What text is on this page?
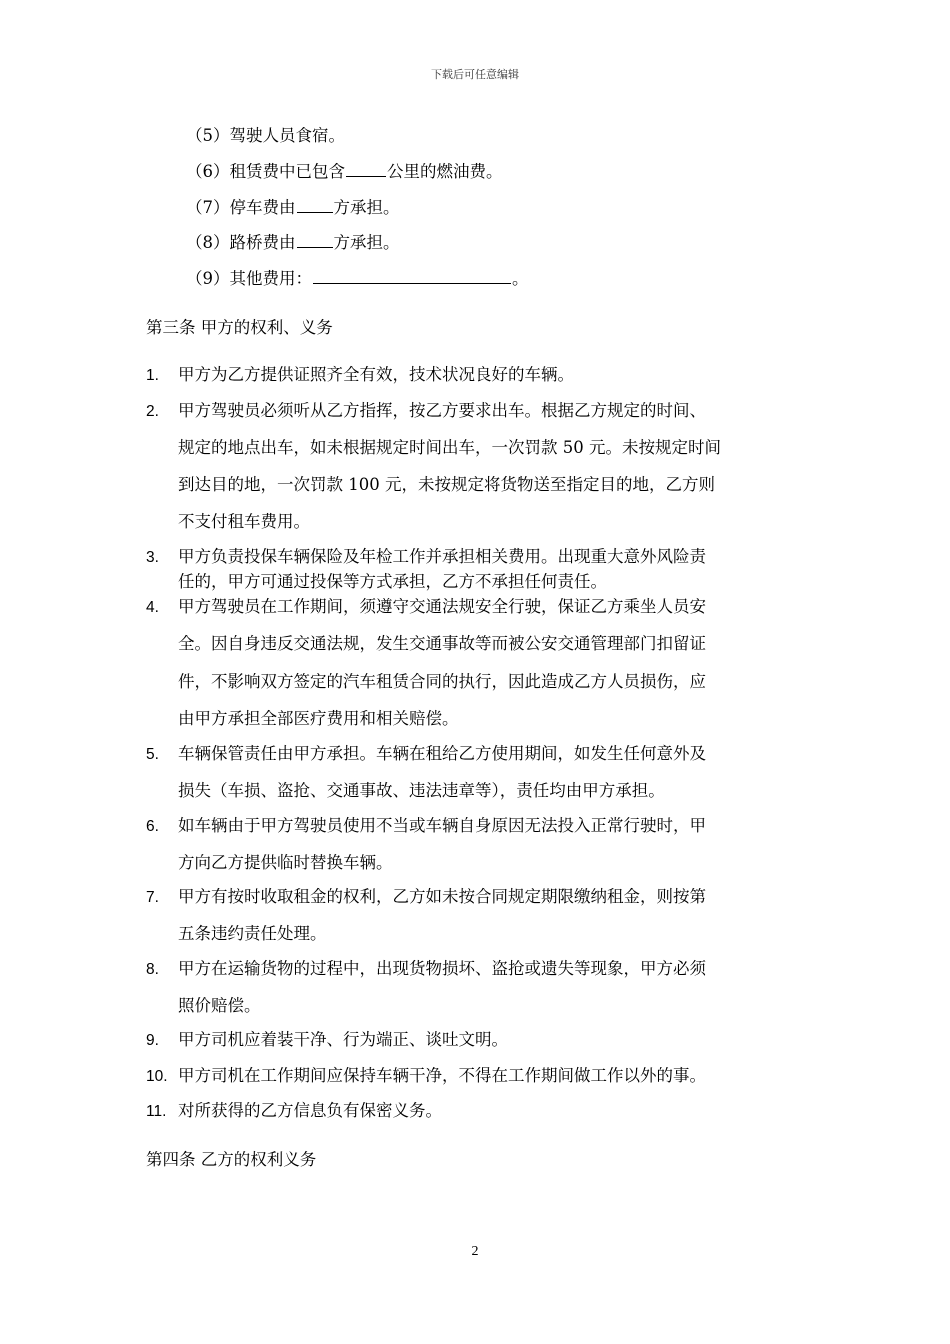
下载后可任意编辑
（5）驾驶人员食宿。
（6）租赁费中已包含	公里的燃油费。
（7）停车费由 方承担。
（8）路桥费由 方承担。
（9）其他费用：	。
第三条 甲方的权利、义务
1.	甲方为乙方提供证照齐全有效，技术状况良好的车辆。
2.	甲方驾驶员必须听从乙方指挥，按乙方要求出车。根据乙方规定的时间、
规定的地点出车，如未根据规定时间出车，一次罚款 50 元。未按规定时间
到达目的地，一次罚款 100 元，未按规定将货物送至指定目的地，乙方则
不支付租车费用。
3.	甲方负责投保车辆保险及年检工作并承担相关费用。出现重大意外风险责
任的，甲方可通过投保等方式承担，乙方不承担任何责任。
4.	甲方驾驶员在工作期间，须遵守交通法规安全行驶，保证乙方乘坐人员安
全。因自身违反交通法规，发生交通事故等而被公安交通管理部门扣留证
件，不影响双方签定的汽车租赁合同的执行，因此造成乙方人员损伤，应
由甲方承担全部医疗费用和相关赔偿。
5.	车辆保管责任由甲方承担。车辆在租给乙方使用期间，如发生任何意外及
损失（车损、盗抢、交通事故、违法违章等），责任均由甲方承担。
6.	如车辆由于甲方驾驶员使用不当或车辆自身原因无法投入正常行驶时，甲
方向乙方提供临时替换车辆。
7.	甲方有按时收取租金的权利，乙方如未按合同规定期限缴纳租金，则按第
五条违约责任处理。
8.	甲方在运输货物的过程中，出现货物损坏、盗抢或遗失等现象，甲方必须
照价赔偿。
9.	甲方司机应着装干净、行为端正、谈吐文明。
10. 甲方司机在工作期间应保持车辆干净，不得在工作期间做工作以外的事。
11. 对所获得的乙方信息负有保密义务。
第四条 乙方的权利义务
2
